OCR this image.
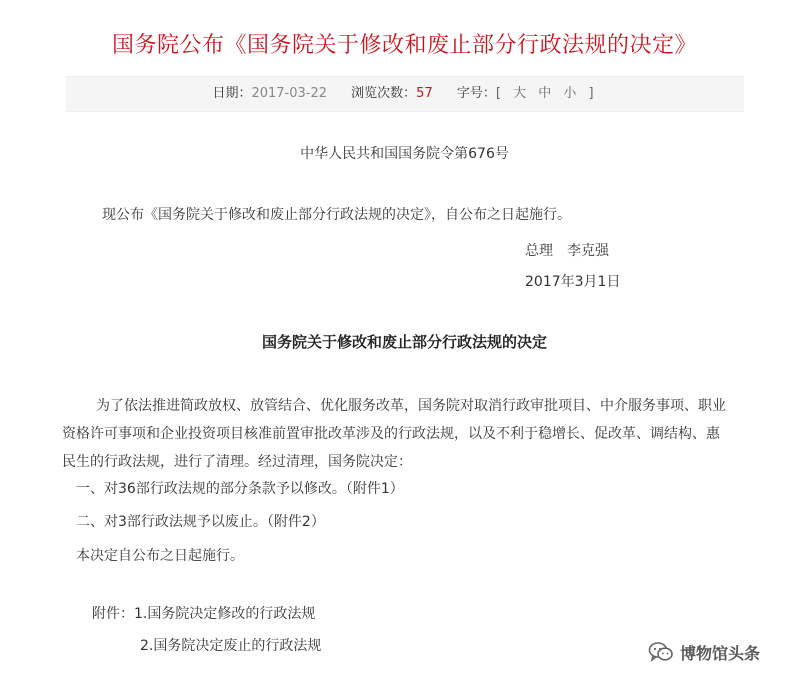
国务院公布《国务院关于修改和废止部分行政法规的决定》
日期：2017-03-22 浏览次数：57 字号：[ 大 中 小 ]
中华人民共和国国务院令第676号
现公布《国务院关于修改和废止部分行政法规的决定》，自公布之日起施行。
总理　李克强
2017年3月1日
国务院关于修改和废止部分行政法规的决定
为了依法推进简政放权、放管结合、优化服务改革，国务院对取消行政审批项目、中介服务事项、职业
资格许可事项和企业投资项目核准前置审批改革涉及的行政法规，以及不利于稳增长、促改革、调结构、惠
民生的行政法规，进行了清理。经过清理，国务院决定：
一、对36部行政法规的部分条款予以修改。（附件1）
二、对3部行政法规予以废止。（附件2）
本决定自公布之日起施行。
附件：1.国务院决定修改的行政法规
2.国务院决定废止的行政法规	博物馆头条
